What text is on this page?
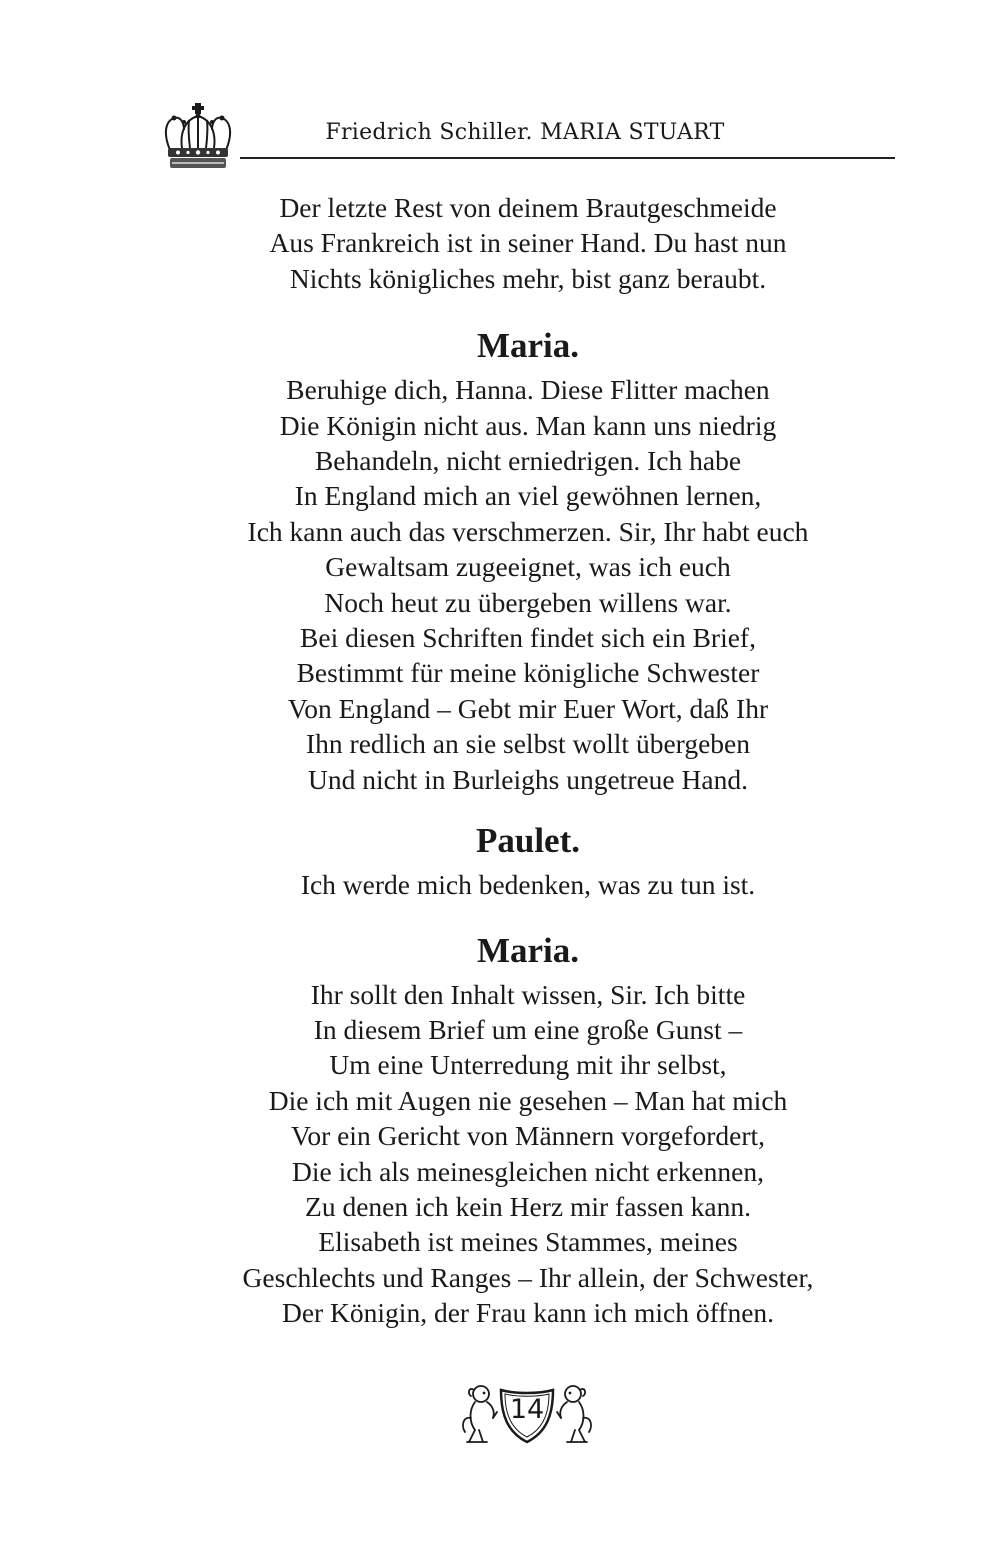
Friedrich Schiller. MARIA STUART

Der letzte Rest von deinem Brautgeschmeide

Aus Frankreich ist in seiner Hand. Du hast nun

Nichts königliches mehr, bist ganz beraubt.

Maria.

Beruhige dich, Hanna. Diese Flitter machen

Die Königin nicht aus. Man kann uns niedrig

Behandeln, nicht erniedrigen. Ich habe

In England mich an viel gewöhnen lernen,

Ich kann auch das verschmerzen. Sir, Ihr habt euch

Gewaltsam zugeeignet, was ich euch

Noch heut zu übergeben willens war.

Bei diesen Schriften findet sich ein Brief,

Bestimmt für meine königliche Schwester

Von England – Gebt mir Euer Wort, daß Ihr

Ihn redlich an sie selbst wollt übergeben

Und nicht in Burleighs ungetreue Hand.

Paulet.

Ich werde mich bedenken, was zu tun ist.

Maria.

Ihr sollt den Inhalt wissen, Sir. Ich bitte

In diesem Brief um eine große Gunst –

Um eine Unterredung mit ihr selbst,

Die ich mit Augen nie gesehen – Man hat mich

Vor ein Gericht von Männern vorgefordert,

Die ich als meinesgleichen nicht erkennen,

Zu denen ich kein Herz mir fassen kann.

Elisabeth ist meines Stammes, meines

Geschlechts und Ranges – Ihr allein, der Schwester,

Der Königin, der Frau kann ich mich öffnen.

14
